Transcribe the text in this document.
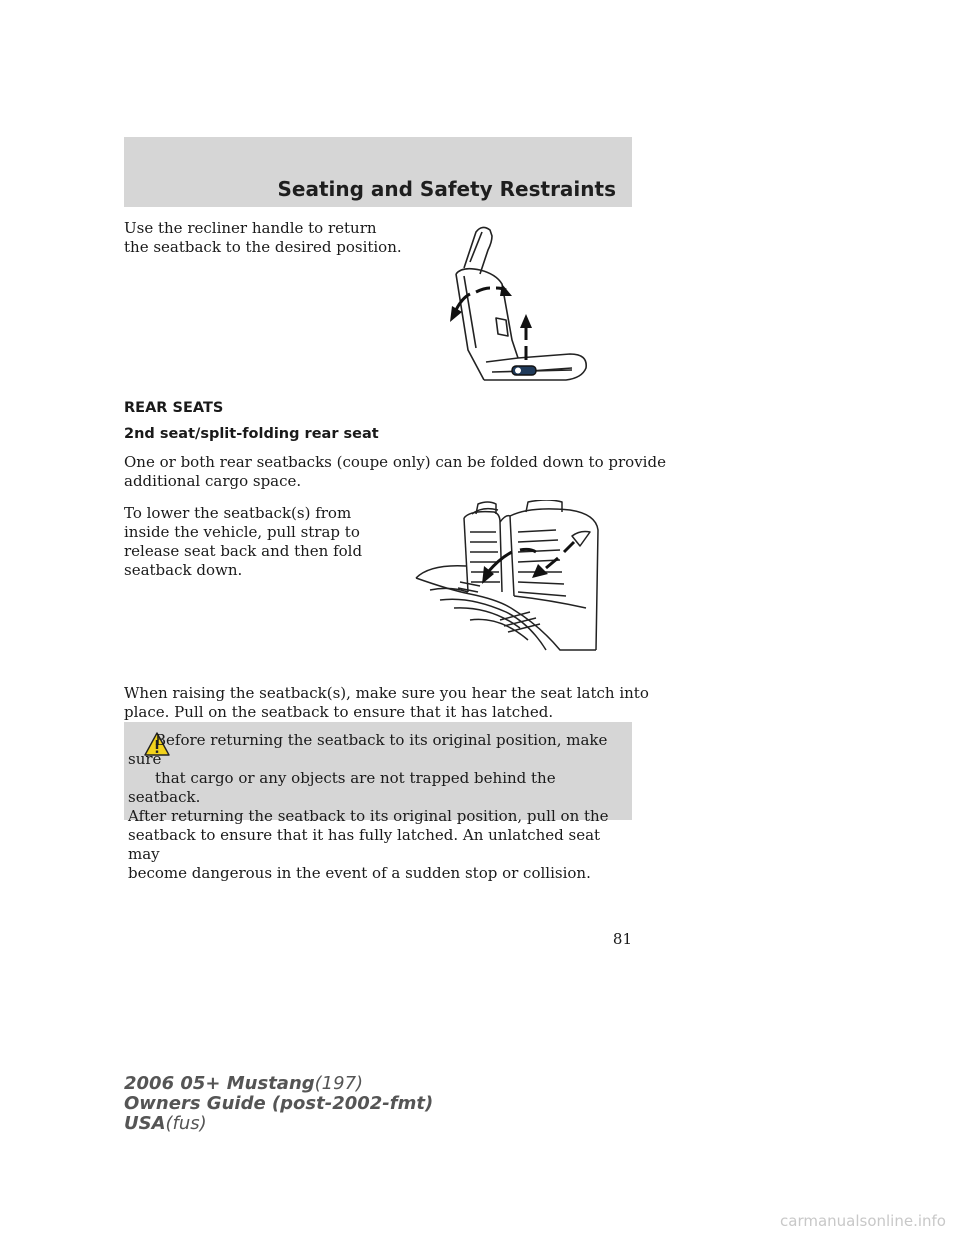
Seating and Safety Restraints

Use the recliner handle to return
the seatback to the desired position.

REAR SEATS
2nd seat/split-folding rear seat

One or both rear seatbacks (coupe only) can be folded down to provide
additional cargo space.

To lower the seatback(s) from
inside the vehicle, pull strap to
release seat back and then fold
seatback down.

When raising the seatback(s), make sure you hear the seat latch into
place. Pull on the seatback to ensure that it has latched.

Before returning the seatback to its original position, make sure
that cargo or any objects are not trapped behind the seatback.
After returning the seatback to its original position, pull on the
seatback to ensure that it has fully latched. An unlatched seat may
become dangerous in the event of a sudden stop or collision.

81
2006 05+ Mustang(197)
Owners Guide (post-2002-fmt)
USA(fus)
carmanualsonline.info
